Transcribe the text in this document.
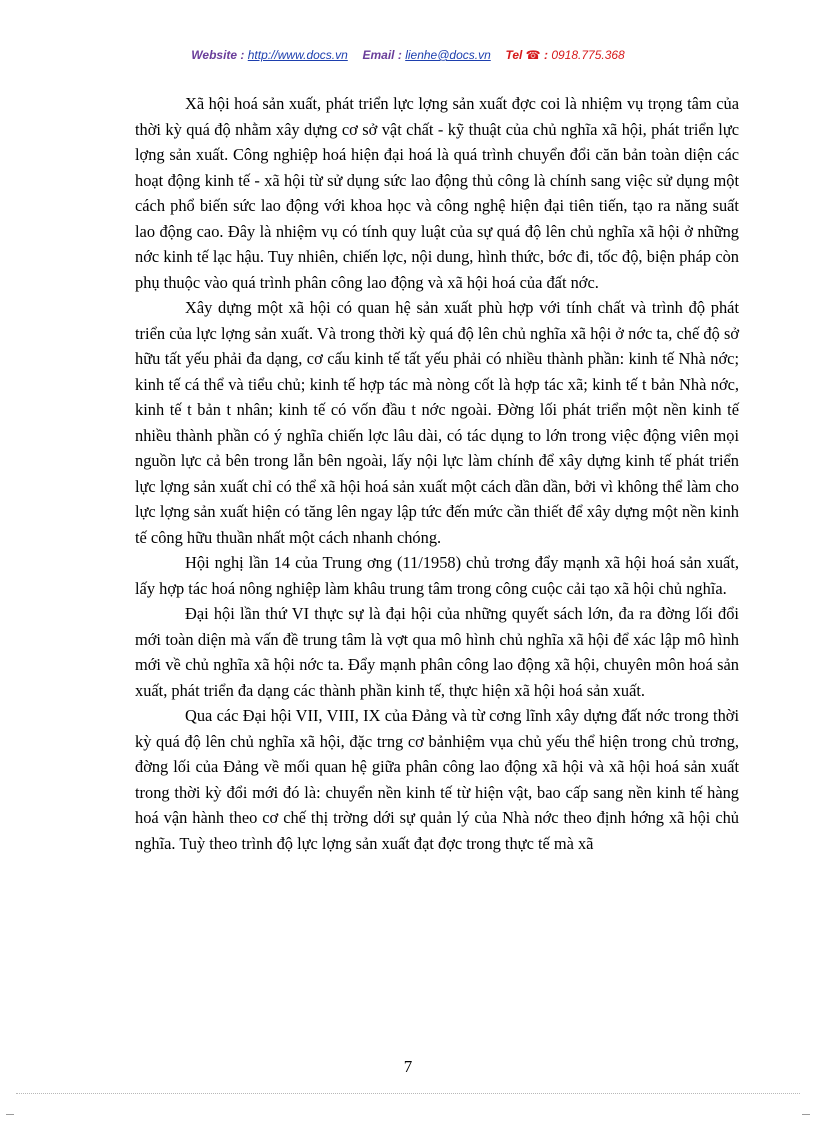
Website : http://www.docs.vn Email : lienhe@docs.vn Tel ☎ : 0918.775.368

Xã hội hoá sản xuất, phát triển lực lợng sản xuất đợc coi là nhiệm vụ trọng tâm của thời kỳ quá độ nhằm xây dựng cơ sở vật chất - kỹ thuật của chủ nghĩa xã hội, phát triển lực lợng sản xuất. Công nghiệp hoá hiện đại hoá là quá trình chuyển đổi căn bản toàn diện các hoạt động kinh tế - xã hội từ sử dụng sức lao động thủ công là chính sang việc sử dụng một cách phổ biến sức lao động với khoa học và công nghệ hiện đại tiên tiến, tạo ra năng suất lao động cao. Đây là nhiệm vụ có tính quy luật của sự quá độ lên chủ nghĩa xã hội ở những nớc kinh tế lạc hậu. Tuy nhiên, chiến lợc, nội dung, hình thức, bớc đi, tốc độ, biện pháp còn phụ thuộc vào quá trình phân công lao động và xã hội hoá của đất nớc.

Xây dựng một xã hội có quan hệ sản xuất phù hợp với tính chất và trình độ phát triển của lực lợng sản xuất. Và trong thời kỳ quá độ lên chủ nghĩa xã hội ở nớc ta, chế độ sở hữu tất yếu phải đa dạng, cơ cấu kinh tế tất yếu phải có nhiều thành phần: kinh tế Nhà nớc; kinh tế cá thể và tiểu chủ; kinh tế hợp tác mà nòng cốt là hợp tác xã; kinh tế t bản Nhà nớc, kinh tế t bản t nhân; kinh tế có vốn đầu t nớc ngoài. Đờng lối phát triển một nền kinh tế nhiều thành phần có ý nghĩa chiến lợc lâu dài, có tác dụng to lớn trong việc động viên mọi nguồn lực cả bên trong lẫn bên ngoài, lấy nội lực làm chính để xây dựng kinh tế phát triển lực lợng sản xuất chỉ có thể xã hội hoá sản xuất một cách dần dần, bởi vì không thể làm cho lực lợng sản xuất hiện có tăng lên ngay lập tức đến mức cần thiết để xây dựng một nền kinh tế công hữu thuần nhất một cách nhanh chóng.

Hội nghị lần 14 của Trung ơng (11/1958) chủ trơng đẩy mạnh xã hội hoá sản xuất, lấy hợp tác hoá nông nghiệp làm khâu trung tâm trong công cuộc cải tạo xã hội chủ nghĩa.

Đại hội lần thứ VI thực sự là đại hội của những quyết sách lớn, đa ra đờng lối đổi mới toàn diện mà vấn đề trung tâm là vợt qua mô hình chủ nghĩa xã hội để xác lập mô hình mới về chủ nghĩa xã hội nớc ta. Đẩy mạnh phân công lao động xã hội, chuyên môn hoá sản xuất, phát triển đa dạng các thành phần kinh tế, thực hiện xã hội hoá sản xuất.

Qua các Đại hội VII, VIII, IX của Đảng và từ cơng lĩnh xây dựng đất nớc trong thời kỳ quá độ lên chủ nghĩa xã hội, đặc trng cơ bảnhiệm vụa chủ yếu thể hiện trong chủ trơng, đờng lối của Đảng về mối quan hệ giữa phân công lao động xã hội và xã hội hoá sản xuất trong thời kỳ đổi mới đó là: chuyển nền kinh tế từ hiện vật, bao cấp sang nền kinh tế hàng hoá vận hành theo cơ chế thị trờng dới sự quản lý của Nhà nớc theo định hớng xã hội chủ nghĩa. Tuỳ theo trình độ lực lợng sản xuất đạt đợc trong thực tế mà xã

7
